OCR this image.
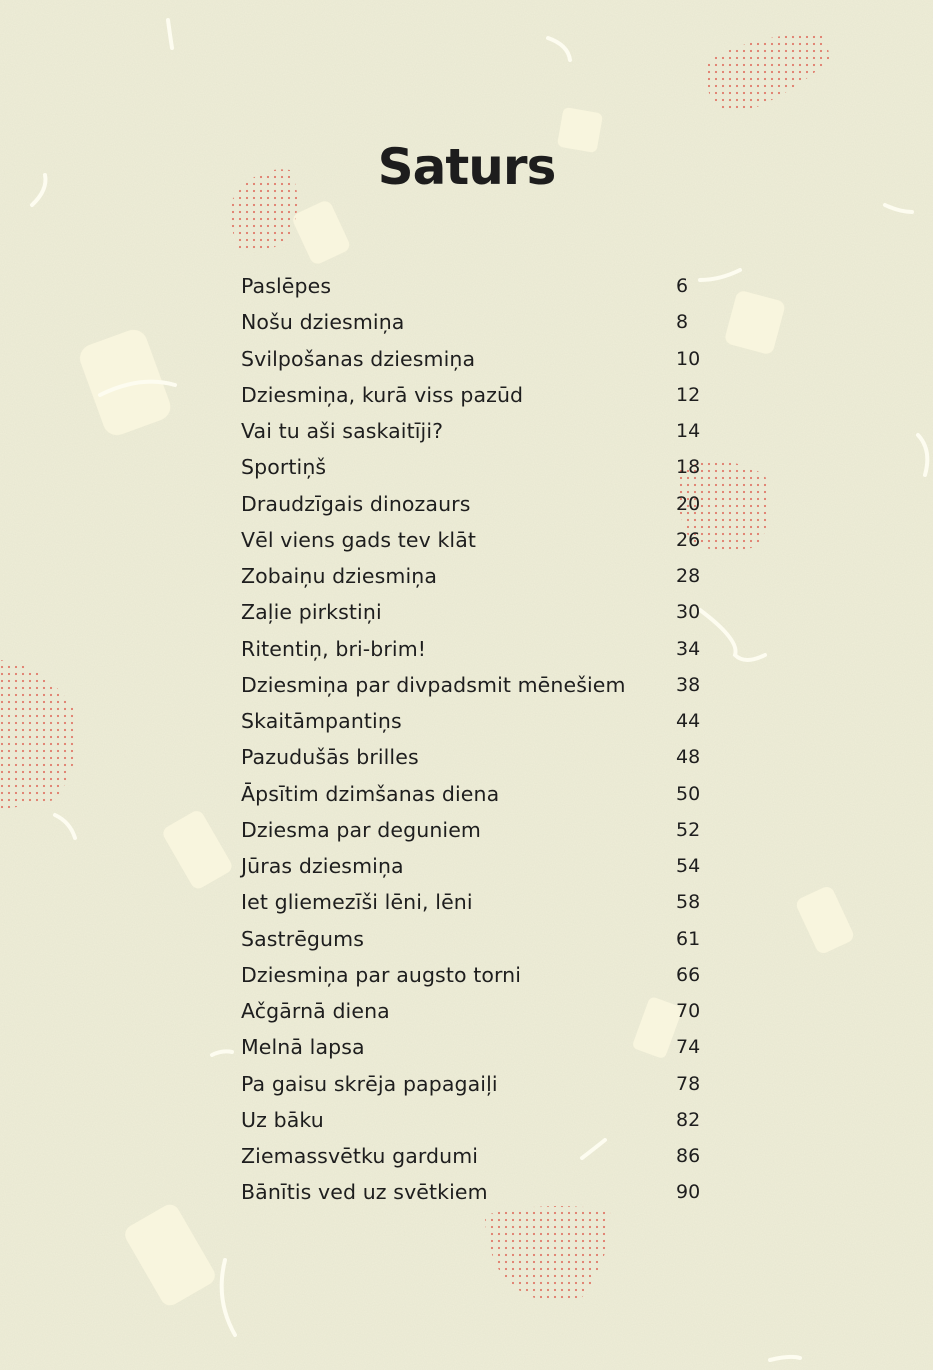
Saturs
Paslēpes	6
Nošu dziesmiņa	8
Svilpošanas dziesmiņa	10
Dziesmiņa, kurā viss pazūd	12
Vai tu aši saskaitīji?	14
Sportiņš	18
Draudzīgais dinozaurs	20
Vēl viens gads tev klāt	26
Zobaiņu dziesmiņa	28
Zaļie pirkstiņi	30
Ritentiņ, bri-brim!	34
Dziesmiņa par divpadsmit mēnešiem	38
Skaitāmpantiņs	44
Pazudušās brilles	48
Āpsītim dzimšanas diena	50
Dziesma par deguniem	52
Jūras dziesmiņa	54
Iet gliemezīši lēni, lēni	58
Sastrēgums	61
Dziesmiņa par augsto torni	66
Ačgārnā diena	70
Melnā lapsa	74
Pa gaisu skrēja papagaiļi	78
Uz bāku	82
Ziemassvētku gardumi	86
Bānītis ved uz svētkiem	90
